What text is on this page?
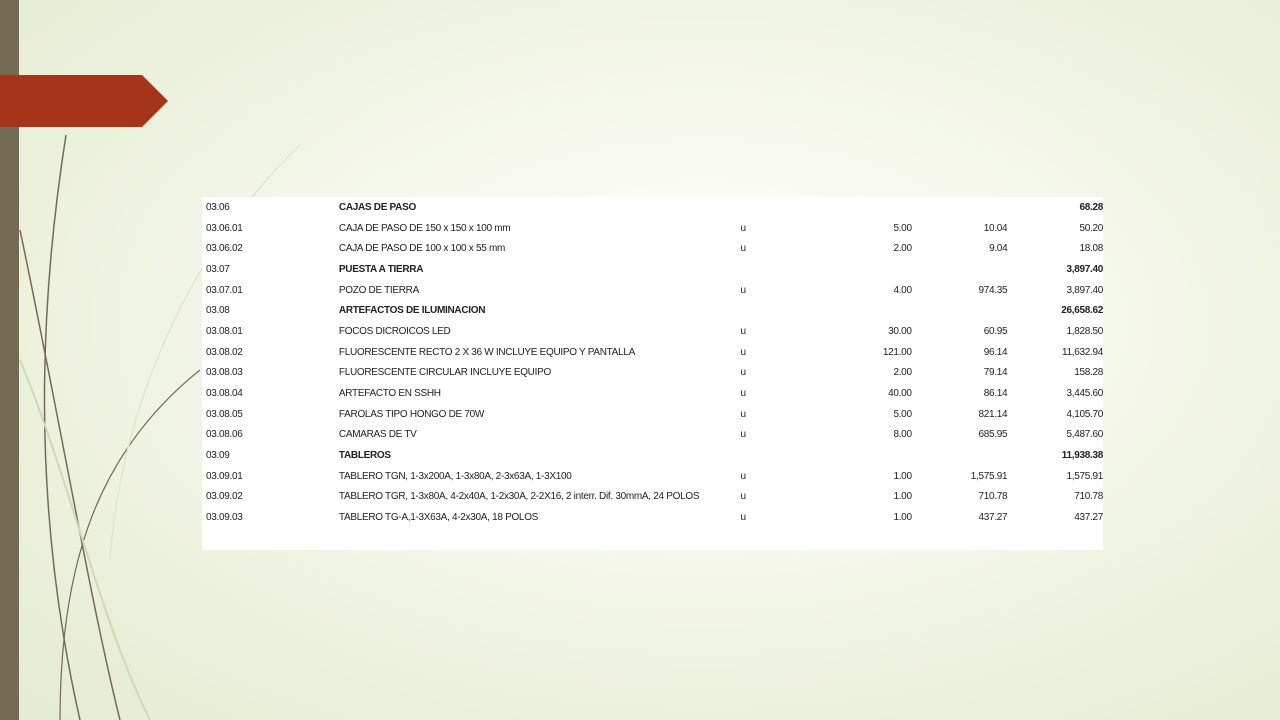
03.06	CAJAS DE PASO				68.28
03.06.01	CAJA DE PASO DE 150 x 150 x 100 mm	u	5.00	10.04	50.20
03.06.02	CAJA DE PASO DE 100 x 100 x 55 mm	u	2.00	9.04	18.08
03.07	PUESTA A TIERRA				3,897.40
03.07.01	POZO DE TIERRA	u	4.00	974.35	3,897.40
03.08	ARTEFACTOS DE ILUMINACION				26,658.62
03.08.01	FOCOS DICROICOS LED	u	30.00	60.95	1,828.50
03.08.02	FLUORESCENTE RECTO 2 X 36 W INCLUYE EQUIPO Y PANTALLA	u	121.00	96.14	11,632.94
03.08.03	FLUORESCENTE CIRCULAR INCLUYE EQUIPO	u	2.00	79.14	158.28
03.08.04	ARTEFACTO EN SSHH	u	40.00	86.14	3,445.60
03.08.05	FAROLAS TIPO HONGO DE 70W	u	5.00	821.14	4,105.70
03.08.06	CAMARAS DE TV	u	8.00	685.95	5,487.60
03.09	TABLEROS				11,938.38
03.09.01	TABLERO TGN, 1-3x200A, 1-3x80A, 2-3x63A, 1-3X100	u	1.00	1,575.91	1,575.91
03.09.02	TABLERO TGR, 1-3x80A, 4-2x40A, 1-2x30A, 2-2X16, 2 interr. Dif. 30mmA, 24 POLOS	u	1.00	710.78	710.78
03.09.03	TABLERO TG-A,1-3X63A, 4-2x30A, 18 POLOS	u	1.00	437.27	437.27
